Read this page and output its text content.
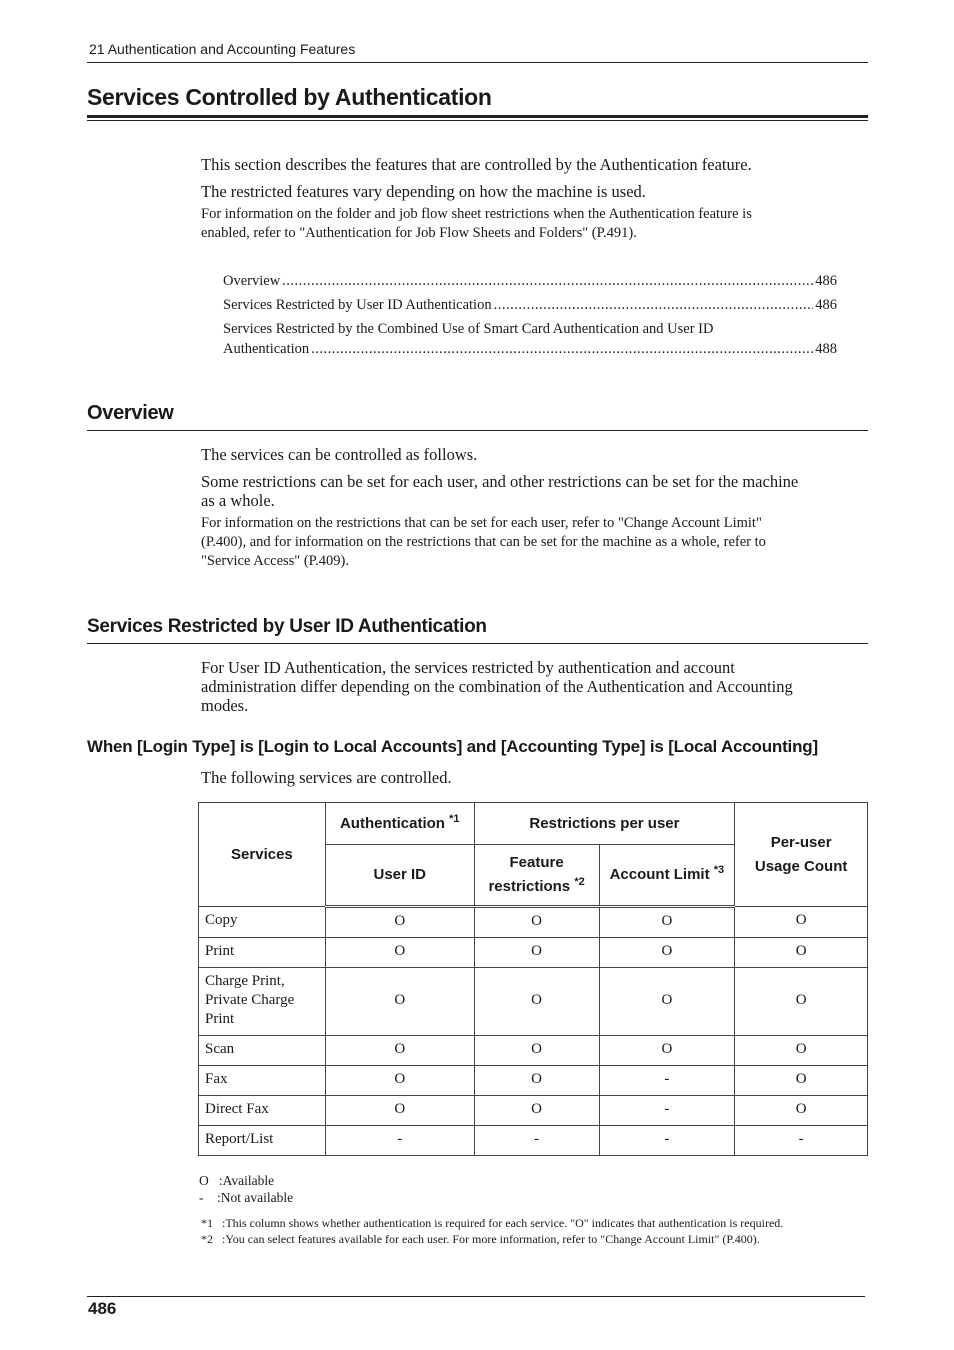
21 Authentication and Accounting Features
Services Controlled by Authentication
This section describes the features that are controlled by the Authentication feature.
The restricted features vary depending on how the machine is used.
For information on the folder and job flow sheet restrictions when the Authentication feature is
enabled, refer to "Authentication for Job Flow Sheets and Folders" (P.491).
Overview .....	486
Services Restricted by User ID Authentication .....	486
Services Restricted by the Combined Use of Smart Card Authentication and User ID
Authentication .....	488
Overview
The services can be controlled as follows.
Some restrictions can be set for each user, and other restrictions can be set for the machine
as a whole.
For information on the restrictions that can be set for each user, refer to "Change Account Limit"
(P.400), and for information on the restrictions that can be set for the machine as a whole, refer to
"Service Access" (P.409).
Services Restricted by User ID Authentication
For User ID Authentication, the services restricted by authentication and account
administration differ depending on the combination of the Authentication and Accounting
modes.
When [Login Type] is [Login to Local Accounts] and [Accounting Type] is [Local Accounting]
The following services are controlled.
Services	Authentication $^{*1}$	Restrictions per user		Per-user
Usage Count

	User ID	Feature
restrictions $^{*2}$	Account Limit $^{*3}$
Copy	O	O	O	O
Print	O	O	O	O

Charge Print,
Private Charge
Print	O	O	O	O
Scan	O	O	O	O
Fax	O	O	-	O
Direct Fax	O	O	-	O
Report/List	-	-	-	-
O   :Available
-    :Not available
*1   :This column shows whether authentication is required for each service. "O" indicates that authentication is required.
*2   :You can select features available for each user. For more information, refer to "Change Account Limit" (P.400).
486
